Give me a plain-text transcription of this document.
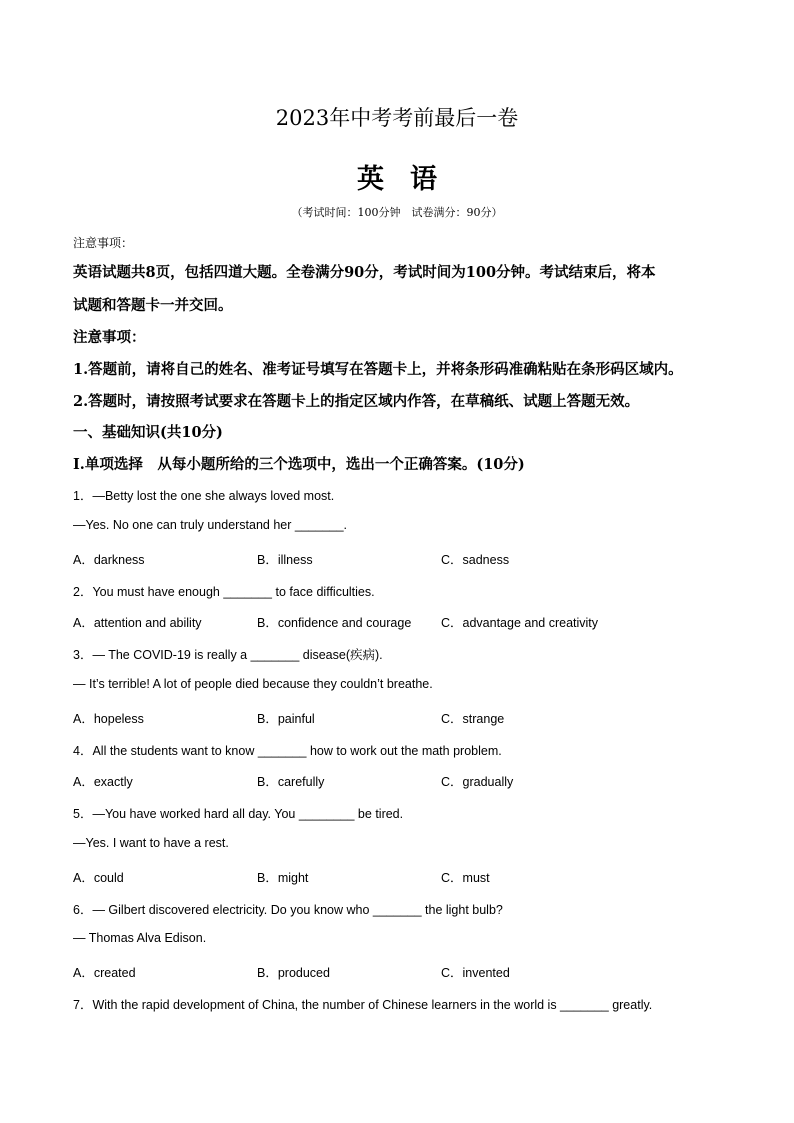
2023年中考考前最后一卷
英语
（考试时间：100分钟　试卷满分：90分）
注意事项：
英语试题共8页，包括四道大题。全卷满分90分，考试时间为100分钟。考试结束后，将本
试题和答题卡一并交回。
注意事项：
1.答题前，请将自己的姓名、准考证号填写在答题卡上，并将条形码准确粘贴在条形码区域内。
2.答题时，请按照考试要求在答题卡上的指定区域内作答，在草稿纸、试题上答题无效。
一、基础知识(共10分)
I.单项选择　从每小题所给的三个选项中，选出一个正确答案。(10分)
1．—Betty lost the one she always loved most.
—Yes. No one can truly understand her _______.
A．darkness	B．illness	C．sadness
2．You must have enough _______ to face difficulties.
A．attention and ability	B．confidence and courage C．advantage and creativity
3．— The COVID-19 is really a _______ disease(疾病).
— It’s terrible! A lot of people died because they couldn’t breathe.
A．hopeless	B．painful	C．strange
4．All the students want to know _______ how to work out the math problem.
A．exactly	B．carefully	C．gradually
5．—You have worked hard all day. You ________ be tired.
—Yes. I want to have a rest.
A．could	B．might	C．must
6．— Gilbert discovered electricity. Do you know who _______ the light bulb?
— Thomas Alva Edison.
A．created	B．produced	C．invented
7．With the rapid development of China, the number of Chinese learners in the world is _______ greatly.
